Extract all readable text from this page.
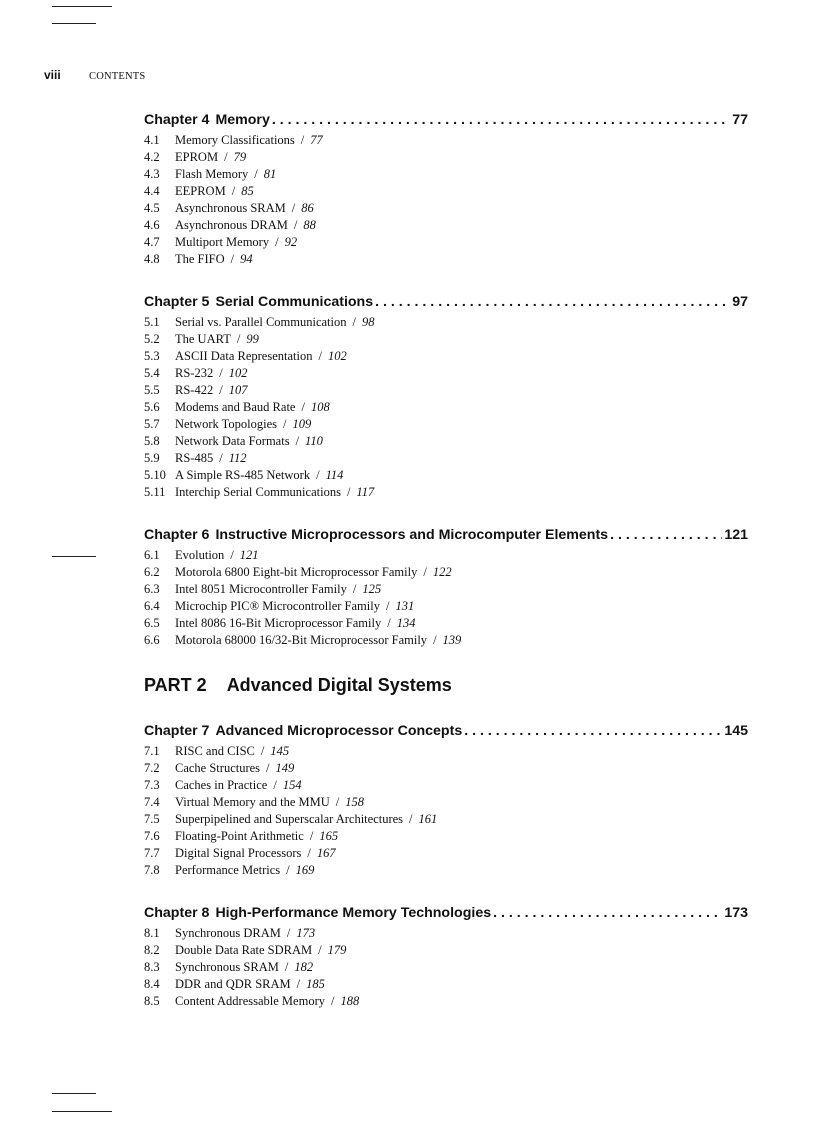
viii	CONTENTS
Chapter 4 Memory . . .	77
4.1	Memory Classifications / 77
4.2	EPROM / 79
4.3	Flash Memory / 81
4.4	EEPROM / 85
4.5	Asynchronous SRAM / 86
4.6	Asynchronous DRAM / 88
4.7	Multiport Memory / 92
4.8	The FIFO / 94
Chapter 5 Serial Communications . . .	97
5.1	Serial vs. Parallel Communication / 98
5.2	The UART / 99
5.3	ASCII Data Representation / 102
5.4	RS-232 / 102
5.5	RS-422 / 107
5.6	Modems and Baud Rate / 108
5.7	Network Topologies / 109
5.8	Network Data Formats / 110
5.9	RS-485 / 112
5.10 A Simple RS-485 Network / 114
5.11 Interchip Serial Communications / 117
Chapter 6 Instructive Microprocessors and Microcomputer Elements . . .	121
6.1	Evolution / 121
6.2	Motorola 6800 Eight-bit Microprocessor Family / 122
6.3	Intel 8051 Microcontroller Family / 125
6.4	Microchip PIC® Microcontroller Family / 131
6.5	Intel 8086 16-Bit Microprocessor Family / 134
6.6	Motorola 68000 16/32-Bit Microprocessor Family / 139
PART 2 Advanced Digital Systems
Chapter 7 Advanced Microprocessor Concepts . . .	145
7.1	RISC and CISC / 145
7.2	Cache Structures / 149
7.3	Caches in Practice / 154
7.4	Virtual Memory and the MMU / 158
7.5	Superpipelined and Superscalar Architectures / 161
7.6	Floating-Point Arithmetic / 165
7.7	Digital Signal Processors / 167
7.8	Performance Metrics / 169
Chapter 8 High-Performance Memory Technologies . . .	173
8.1	Synchronous DRAM / 173
8.2	Double Data Rate SDRAM / 179
8.3	Synchronous SRAM / 182
8.4	DDR and QDR SRAM / 185
8.5	Content Addressable Memory / 188
